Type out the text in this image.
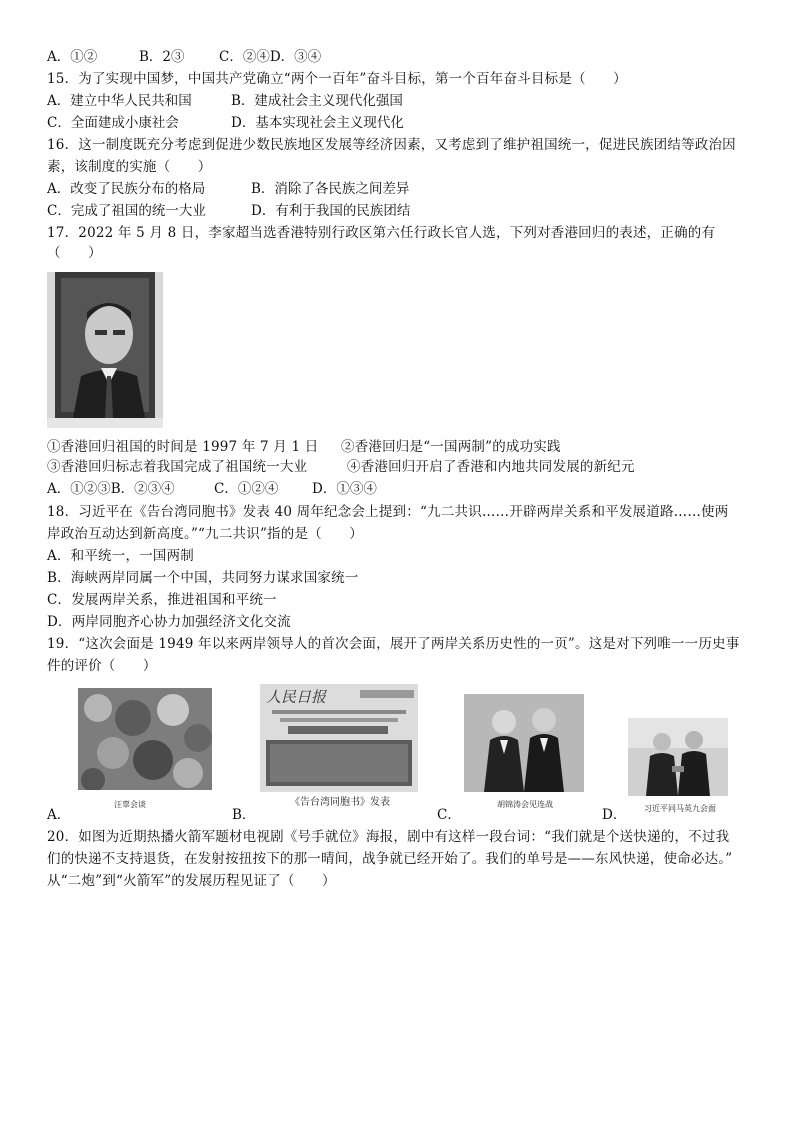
A．①②	B．2③	C．②④D．③④
15．为了实现中国梦，中国共产党确立“两个一百年”奋斗目标，第一个百年奋斗目标是（　　）
A．建立中华人民共和国	B．建成社会主义现代化强国
C．全面建成小康社会	D．基本实现社会主义现代化
16．这一制度既充分考虑到促进少数民族地区发展等经济因素，又考虑到了维护祖国统一，促进民族团结等政治因
素，该制度的实施（　　）
A．改变了民族分布的格局	B．消除了各民族之间差异
C．完成了祖国的统一大业	D．有利于我国的民族团结
17．2022 年 5 月 8 日，李家超当选香港特别行政区第六任行政长官人选，下列对香港回归的表述，正确的有
（　　）
①香港回归祖国的时间是 1997 年 7 月 1 日 ②香港回归是“一国两制”的成功实践
③香港回归标志着我国完成了祖国统一大业	④香港回归开启了香港和内地共同发展的新纪元
A．①②③B．②③④	C．①②④ D．①③④
18．习近平在《告台湾同胞书》发表 40 周年纪念会上提到：“九二共识……开辟两岸关系和平发展道路……使两
岸政治互动达到新高度。”“九二共识”指的是（　　）
A．和平统一，一国两制
B．海峡两岸同属一个中国，共同努力谋求国家统一
C．发展两岸关系，推进祖国和平统一
D．两岸同胞齐心协力加强经济文化交流
19．“这次会面是 1949 年以来两岸领导人的首次会面，展开了两岸关系历史性的一页”。这是对下列唯一一历史事
件的评价（　　）
汪辜会谈
A．
人民日报
《告台湾同胞书》发表
B．
胡锦涛会见连战
C．	习近平同马英九会面
D．
20．如图为近期热播火箭军题材电视剧《号手就位》海报，剧中有这样一段台词：“我们就是个送快递的，不过我
们的快递不支持退货，在发射按扭按下的那一晴间，战争就已经开始了。我们的单号是——东风快递，使命必达。”
从“二炮”到“火箭军”的发展历程见证了（　　）
